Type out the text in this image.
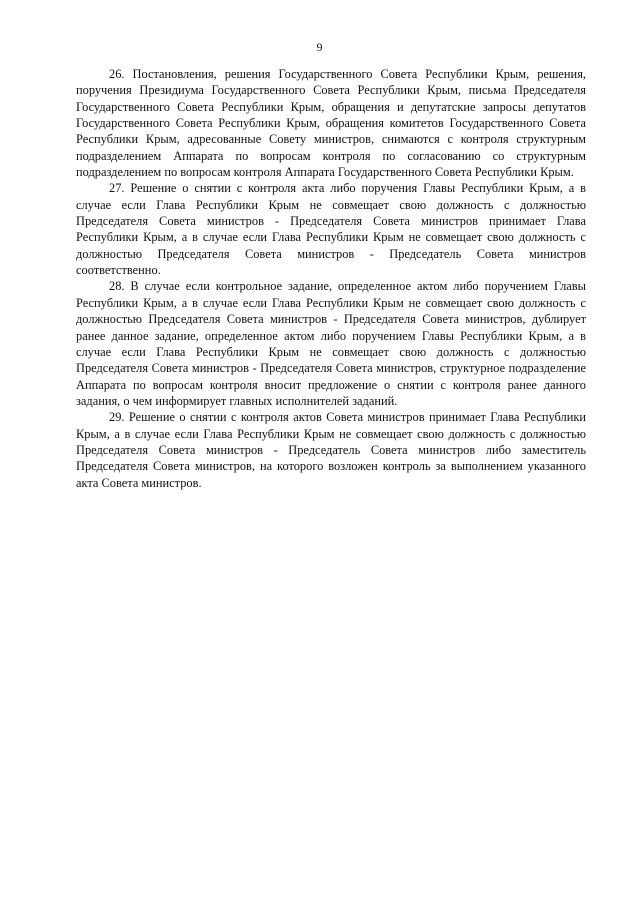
9

26. Постановления, решения Государственного Совета Республики Крым, решения, поручения Президиума Государственного Совета Республики Крым, письма Председателя Государственного Совета Республики Крым, обращения и депутатские запросы депутатов Государственного Совета Республики Крым, обращения комитетов Государственного Совета Республики Крым, адресованные Совету министров, снимаются с контроля структурным подразделением Аппарата по вопросам контроля по согласованию со структурным подразделением по вопросам контроля Аппарата Государственного Совета Республики Крым.

27. Решение о снятии с контроля акта либо поручения Главы Республики Крым, а в случае если Глава Республики Крым не совмещает свою должность с должностью Председателя Совета министров - Председателя Совета министров принимает Глава Республики Крым, а в случае если Глава Республики Крым не совмещает свою должность с должностью Председателя Совета министров - Председатель Совета министров соответственно.

28. В случае если контрольное задание, определенное актом либо поручением Главы Республики Крым, а в случае если Глава Республики Крым не совмещает свою должность с должностью Председателя Совета министров - Председателя Совета министров, дублирует ранее данное задание, определенное актом либо поручением Главы Республики Крым, а в случае если Глава Республики Крым не совмещает свою должность с должностью Председателя Совета министров - Председателя Совета министров, структурное подразделение Аппарата по вопросам контроля вносит предложение о снятии с контроля ранее данного задания, о чем информирует главных исполнителей заданий.

29. Решение о снятии с контроля актов Совета министров принимает Глава Республики Крым, а в случае если Глава Республики Крым не совмещает свою должность с должностью Председателя Совета министров - Председатель Совета министров либо заместитель Председателя Совета министров, на которого возложен контроль за выполнением указанного акта Совета министров.
